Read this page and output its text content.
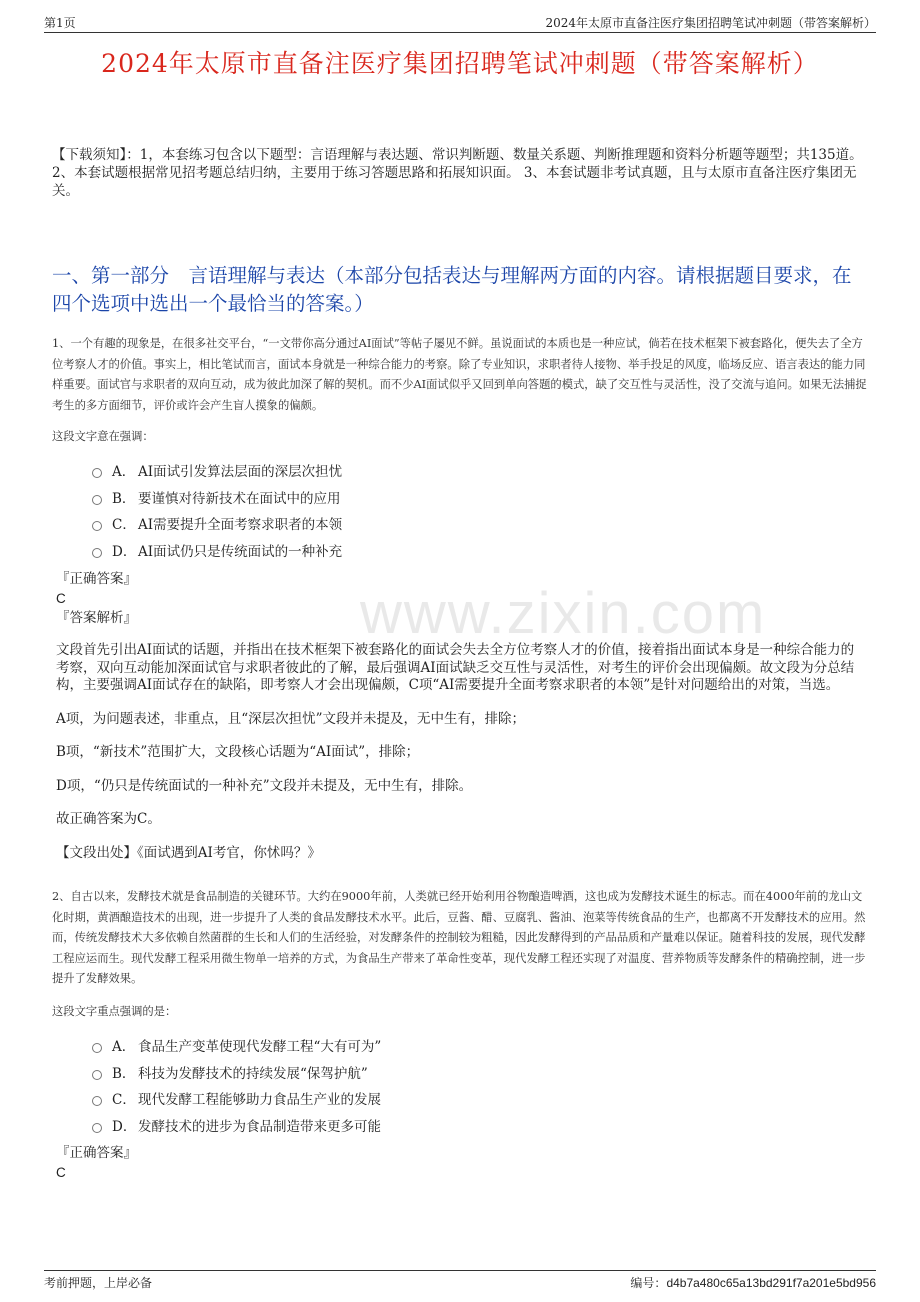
第1页	2024年太原市直备注医疗集团招聘笔试冲刺题（带答案解析）
2024年太原市直备注医疗集团招聘笔试冲刺题（带答案解析）
【下载须知】：1，本套练习包含以下题型：言语理解与表达题、常识判断题、数量关系题、判断推理题和资料分析题等题型；共135道。 2、本套试题根据常见招考题总结归纳，主要用于练习答题思路和拓展知识面。 3、本套试题非考试真题，且与太原市直备注医疗集团无关。
一、第一部分　言语理解与表达（本部分包括表达与理解两方面的内容。请根据题目要求，在四个选项中选出一个最恰当的答案。）
www.zixin.com
1、一个有趣的现象是，在很多社交平台，“一文带你高分通过AI面试”等帖子屡见不鲜。虽说面试的本质也是一种应试，倘若在技术框架下被套路化，便失去了全方位考察人才的价值。事实上，相比笔试而言，面试本身就是一种综合能力的考察。除了专业知识，求职者待人接物、举手投足的风度，临场反应、语言表达的能力同样重要。面试官与求职者的双向互动，成为彼此加深了解的契机。而不少AI面试似乎又回到单向答题的模式，缺了交互性与灵活性，没了交流与追问。如果无法捕捉考生的多方面细节，评价或许会产生盲人摸象的偏颇。
这段文字意在强调：
A． AI面试引发算法层面的深层次担忧
B． 要谨慎对待新技术在面试中的应用
C． AI需要提升全面考察求职者的本领
D． AI面试仍只是传统面试的一种补充
『正确答案』
C
『答案解析』

文段首先引出AI面试的话题，并指出在技术框架下被套路化的面试会失去全方位考察人才的价值，接着指出面试本身是一种综合能力的考察，双向互动能加深面试官与求职者彼此的了解，最后强调AI面试缺乏交互性与灵活性，对考生的评价会出现偏颇。故文段为分总结构，主要强调AI面试存在的缺陷，即考察人才会出现偏颇，C项“AI需要提升全面考察求职者的本领”是针对问题给出的对策，当选。

A项，为问题表述，非重点，且“深层次担忧”文段并未提及，无中生有，排除；

B项，“新技术”范围扩大，文段核心话题为“AI面试”，排除；

D项，“仍只是传统面试的一种补充”文段并未提及，无中生有，排除。

故正确答案为C。

【文段出处】《面试遇到AI考官，你怵吗？》

2、自古以来，发酵技术就是食品制造的关键环节。大约在9000年前，人类就已经开始利用谷物酿造啤酒，这也成为发酵技术诞生的标志。而在4000年前的龙山文化时期，黄酒酿造技术的出现，进一步提升了人类的食品发酵技术水平。此后，豆酱、醋、豆腐乳、酱油、泡菜等传统食品的生产，也都离不开发酵技术的应用。然而，传统发酵技术大多依赖自然菌群的生长和人们的生活经验，对发酵条件的控制较为粗糙，因此发酵得到的产品品质和产量难以保证。随着科技的发展，现代发酵工程应运而生。现代发酵工程采用微生物单一培养的方式，为食品生产带来了革命性变革，现代发酵工程还实现了对温度、营养物质等发酵条件的精确控制，进一步提升了发酵效果。
这段文字重点强调的是：
A． 食品生产变革使现代发酵工程“大有可为”
B． 科技为发酵技术的持续发展“保驾护航”
C． 现代发酵工程能够助力食品生产业的发展
D． 发酵技术的进步为食品制造带来更多可能
『正确答案』
C
考前押题，上岸必备	编号：d4b7a480c65a13bd291f7a201e5bd956
